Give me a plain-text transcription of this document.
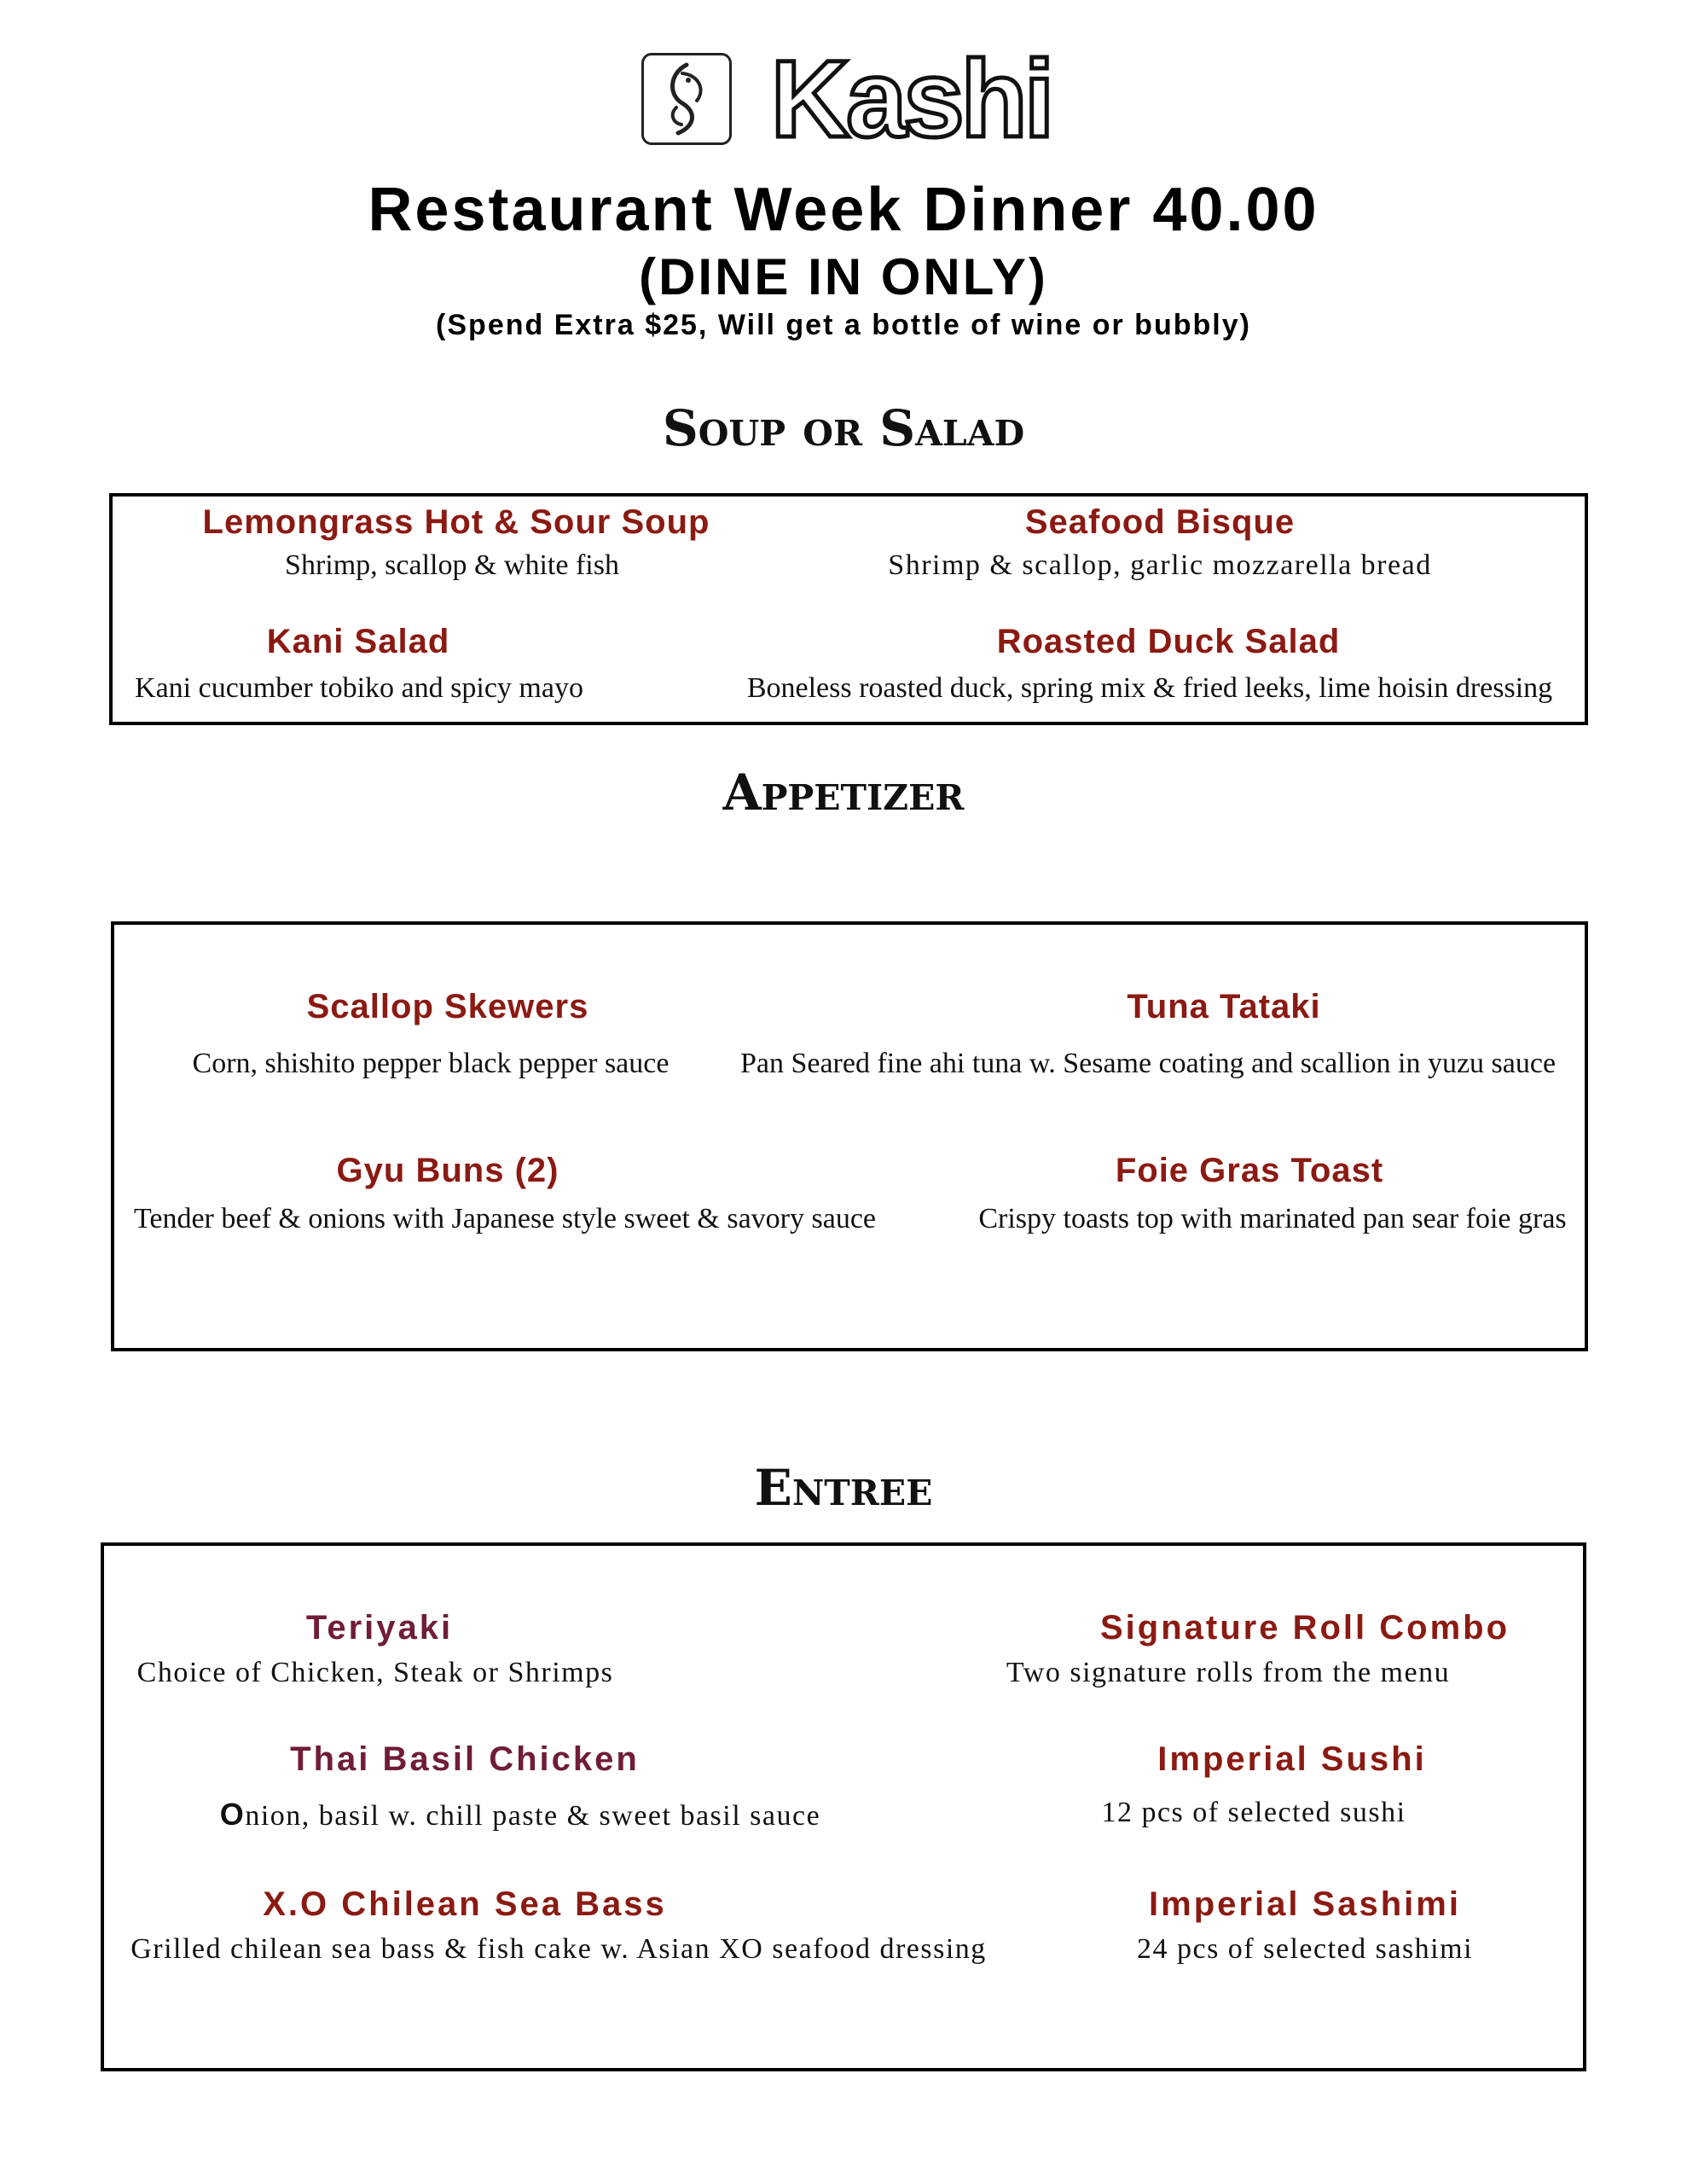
Kashi
Restaurant Week Dinner 40.00
(DINE IN ONLY)
(Spend Extra $25, Will get a bottle of wine or bubbly)
Soup or Salad
Lemongrass Hot & Sour Soup
Shrimp, scallop & white fish
Seafood Bisque
Shrimp & scallop, garlic mozzarella bread
Kani Salad
Kani cucumber tobiko and spicy mayo
Roasted Duck Salad
Boneless roasted duck, spring mix & fried leeks, lime hoisin dressing
Appetizer
Scallop Skewers
Corn, shishito pepper black pepper sauce
Tuna Tataki
Pan Seared fine ahi tuna w. Sesame coating and scallion in yuzu sauce
Gyu Buns (2)
Tender beef & onions with Japanese style sweet & savory sauce
Foie Gras Toast
Crispy toasts top with marinated pan sear foie gras
Entree
Teriyaki
Choice of Chicken, Steak or Shrimps
Signature Roll Combo
Two signature rolls from the menu
Thai Basil Chicken
Onion, basil w. chill paste & sweet basil sauce
Imperial Sushi
12 pcs of selected sushi
X.O Chilean Sea Bass
Grilled chilean sea bass & fish cake w. Asian XO seafood dressing
Imperial Sashimi
24 pcs of selected sashimi
